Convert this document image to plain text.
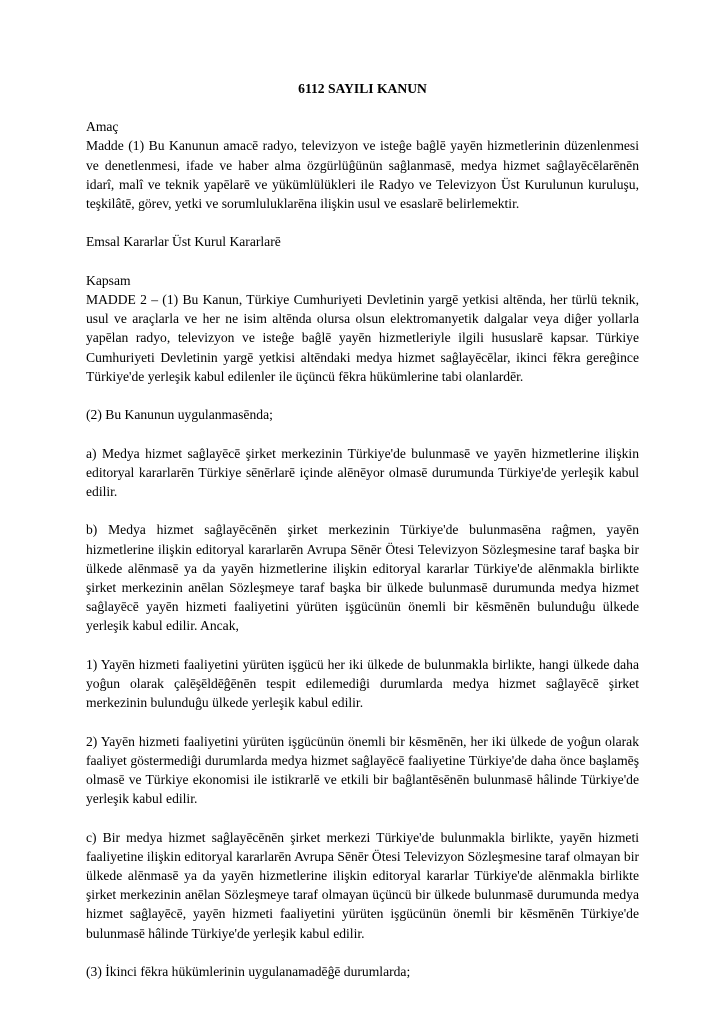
6112 SAYILI KANUN
Amaç

Madde (1) Bu Kanunun amacē radyo, televizyon ve isteĝe baĝlē yayēn hizmetlerinin düzenlenmesi ve denetlenmesi, ifade ve haber alma özgürlüĝünün saĝlanmasē, medya hizmet saĝlayēcēlarēnēn idarî, malî ve teknik yapēlarē ve yükümlülükleri ile Radyo ve Televizyon Üst Kurulunun kuruluşu, teşkilâtē, görev, yetki ve sorumluluklarēna ilişkin usul ve esaslarē belirlemektir.

Emsal Kararlar Üst Kurul Kararlarē
Kapsam

MADDE 2 – (1) Bu Kanun, Türkiye Cumhuriyeti Devletinin yargē yetkisi altēnda, her türlü teknik, usul ve araçlarla ve her ne isim altēnda olursa olsun elektromanyetik dalgalar veya diĝer yollarla yapēlan radyo, televizyon ve isteĝe baĝlē yayēn hizmetleriyle ilgili hususlarē kapsar. Türkiye Cumhuriyeti Devletinin yargē yetkisi altēndaki medya hizmet saĝlayēcēlar, ikinci fēkra gereĝince Türkiye'de yerleşik kabul edilenler ile üçüncü fēkra hükümlerine tabi olanlardēr.

(2) Bu Kanunun uygulanmasēnda;

a) Medya hizmet saĝlayēcē şirket merkezinin Türkiye'de bulunmasē ve yayēn hizmetlerine ilişkin editoryal kararlarēn Türkiye sēnērlarē içinde alēnēyor olmasē durumunda Türkiye'de yerleşik kabul edilir.

b) Medya hizmet saĝlayēcēnēn şirket merkezinin Türkiye'de bulunmasēna raĝmen, yayēn hizmetlerine ilişkin editoryal kararlarēn Avrupa Sēnēr Ötesi Televizyon Sözleşmesine taraf başka bir ülkede alēnmasē ya da yayēn hizmetlerine ilişkin editoryal kararlar Türkiye'de alēnmakla birlikte şirket merkezinin anēlan Sözleşmeye taraf başka bir ülkede bulunmasē durumunda medya hizmet saĝlayēcē yayēn hizmeti faaliyetini yürüten işgücünün önemli bir kēsmēnēn bulunduĝu ülkede yerleşik kabul edilir. Ancak,

1) Yayēn hizmeti faaliyetini yürüten işgücü her iki ülkede de bulunmakla birlikte, hangi ülkede daha yoĝun olarak çalēşēldēĝēnēn tespit edilemediĝi durumlarda medya hizmet saĝlayēcē şirket merkezinin bulunduĝu ülkede yerleşik kabul edilir.

2) Yayēn hizmeti faaliyetini yürüten işgücünün önemli bir kēsmēnēn, her iki ülkede de yoĝun olarak faaliyet göstermediĝi durumlarda medya hizmet saĝlayēcē faaliyetine Türkiye'de daha önce başlamēş olmasē ve Türkiye ekonomisi ile istikrarlē ve etkili bir baĝlantēsēnēn bulunmasē hâlinde Türkiye'de yerleşik kabul edilir.

c) Bir medya hizmet saĝlayēcēnēn şirket merkezi Türkiye'de bulunmakla birlikte, yayēn hizmeti faaliyetine ilişkin editoryal kararlarēn Avrupa Sēnēr Ötesi Televizyon Sözleşmesine taraf olmayan bir ülkede alēnmasē ya da yayēn hizmetlerine ilişkin editoryal kararlar Türkiye'de alēnmakla birlikte şirket merkezinin anēlan Sözleşmeye taraf olmayan üçüncü bir ülkede bulunmasē durumunda medya hizmet saĝlayēcē, yayēn hizmeti faaliyetini yürüten işgücünün önemli bir kēsmēnēn Türkiye'de bulunmasē hâlinde Türkiye'de yerleşik kabul edilir.

(3) İkinci fēkra hükümlerinin uygulanamadēĝē durumlarda;
